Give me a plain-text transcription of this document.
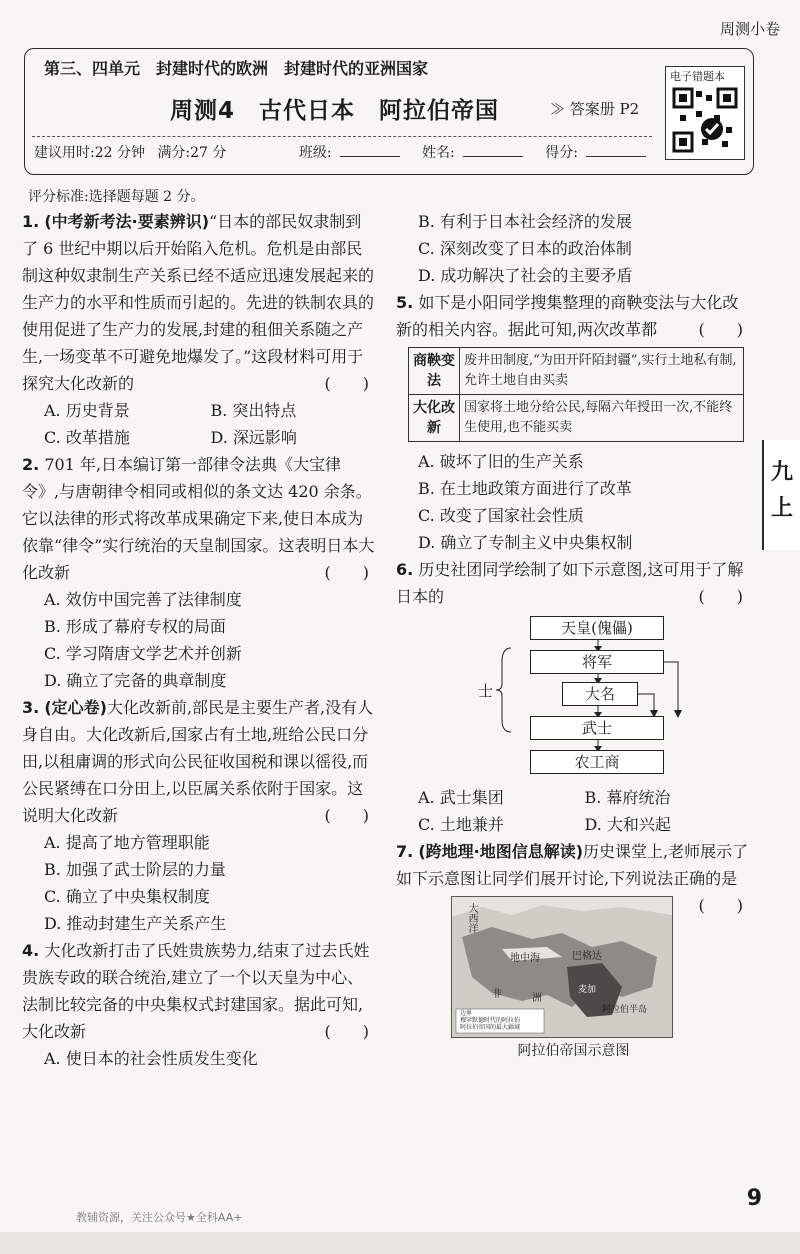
周测小卷
第三、四单元　封建时代的欧洲　封建时代的亚洲国家
周测4　古代日本　阿拉伯帝国	≫ 答案册 P2
建议用时:22 分钟 满分:27 分	班级:	姓名:	得分:
电子错题本
九
上
评分标准:选择题每题 2 分。

1. (中考新考法·要素辨识)“日本的部民奴隶制到了 6 世纪中期以后开始陷入危机。危机是由部民制这种奴隶制生产关系已经不适应迅速发展起来的生产力的水平和性质而引起的。先进的铁制农具的使用促进了生产力的发展,封建的租佃关系随之产生,一场变革不可避免地爆发了。”这段材料可用于探究大化改新的	(　　)

A. 历史背景	B. 突出特点
C. 改革措施	D. 深远影响

2. 701 年,日本编订第一部律令法典《大宝律令》,与唐朝律令相同或相似的条文达 420 余条。它以法律的形式将改革成果确定下来,使日本成为依靠“律令”实行统治的天皇制国家。这表明日本大化改新	(　　)

A. 效仿中国完善了法律制度

B. 形成了幕府专权的局面

C. 学习隋唐文学艺术并创新

D. 确立了完备的典章制度

3. (定心卷)大化改新前,部民是主要生产者,没有人身自由。大化改新后,国家占有土地,班给公民口分田,以租庸调的形式向公民征收国税和课以徭役,而公民紧缚在口分田上,以臣属关系依附于国家。这说明大化改新	(　　)

A. 提高了地方管理职能

B. 加强了武士阶层的力量

C. 确立了中央集权制度

D. 推动封建生产关系产生

4. 大化改新打击了氏姓贵族势力,结束了过去氏姓贵族专政的联合统治,建立了一个以天皇为中心、法制比较完备的中央集权式封建国家。据此可知,大化改新	(　　)

A. 使日本的社会性质发生变化

B. 有利于日本社会经济的发展

C. 深刻改变了日本的政治体制

D. 成功解决了社会的主要矛盾

5. 如下是小阳同学搜集整理的商鞅变法与大化改新的相关内容。据此可知,两次改革都	(　　)

商鞅变法	废井田制度,“为田开阡陌封疆”,实行土地私有制,允许土地自由买卖
大化改新	国家将土地分给公民,每隔六年授田一次,不能终生使用,也不能买卖

A. 破坏了旧的生产关系

B. 在土地政策方面进行了改革

C. 改变了国家社会性质

D. 确立了专制主义中央集权制

6. 历史社团同学绘制了如下示意图,这可用于了解日本的	(　　)

天皇(傀儡)
将军
大名
武士
农工商
士
A. 武士集团	B. 幕府统治
C. 土地兼并	D. 大和兴起

7. (跨地理·地图信息解读)历史课堂上,老师展示了如下示意图让同学们展开讨论,下列说法正确的是
(　　)

大西洋
地中海	巴格达
非	洲
麦加
阿拉伯半岛
边界
穆罕默德时代的阿拉伯
阿拉伯帝国的最大疆域
阿拉伯帝国示意图
9
教辅资源，关注公众号★全科AA+
